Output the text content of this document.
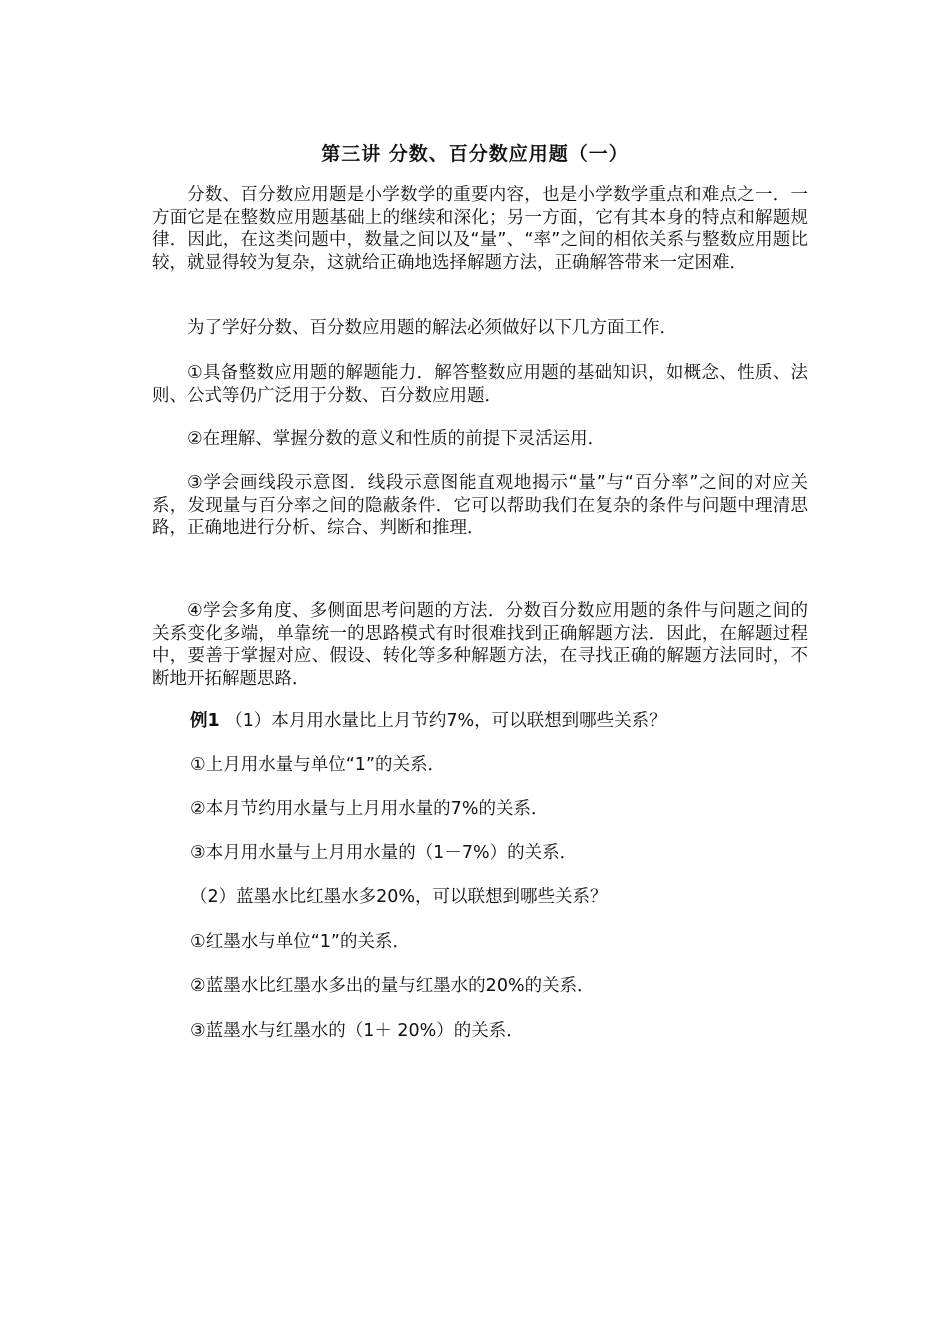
第三讲 分数、百分数应用题（一）

分数、百分数应用题是小学数学的重要内容，也是小学数学重点和难点之一．一方面它是在整数应用题基础上的继续和深化；另一方面，它有其本身的特点和解题规律．因此，在这类问题中，数量之间以及“量”、“率”之间的相依关系与整数应用题比较，就显得较为复杂，这就给正确地选择解题方法，正确解答带来一定困难．

为了学好分数、百分数应用题的解法必须做好以下几方面工作．

①具备整数应用题的解题能力．解答整数应用题的基础知识，如概念、性质、法则、公式等仍广泛用于分数、百分数应用题．

②在理解、掌握分数的意义和性质的前提下灵活运用．

③学会画线段示意图．线段示意图能直观地揭示“量”与“百分率”之间的对应关系，发现量与百分率之间的隐蔽条件．它可以帮助我们在复杂的条件与问题中理清思路，正确地进行分析、综合、判断和推理．

④学会多角度、多侧面思考问题的方法．分数百分数应用题的条件与问题之间的关系变化多端，单靠统一的思路模式有时很难找到正确解题方法．因此，在解题过程中，要善于掌握对应、假设、转化等多种解题方法，在寻找正确的解题方法同时，不断地开拓解题思路．

例1 （1）本月用水量比上月节约7%，可以联想到哪些关系？
①上月用水量与单位“1”的关系．
②本月节约用水量与上月用水量的7%的关系．
③本月用水量与上月用水量的（1－7%）的关系．
（2）蓝墨水比红墨水多20%，可以联想到哪些关系？
①红墨水与单位“1”的关系．
②蓝墨水比红墨水多出的量与红墨水的20%的关系．
③蓝墨水与红墨水的（1＋ 20%）的关系．
